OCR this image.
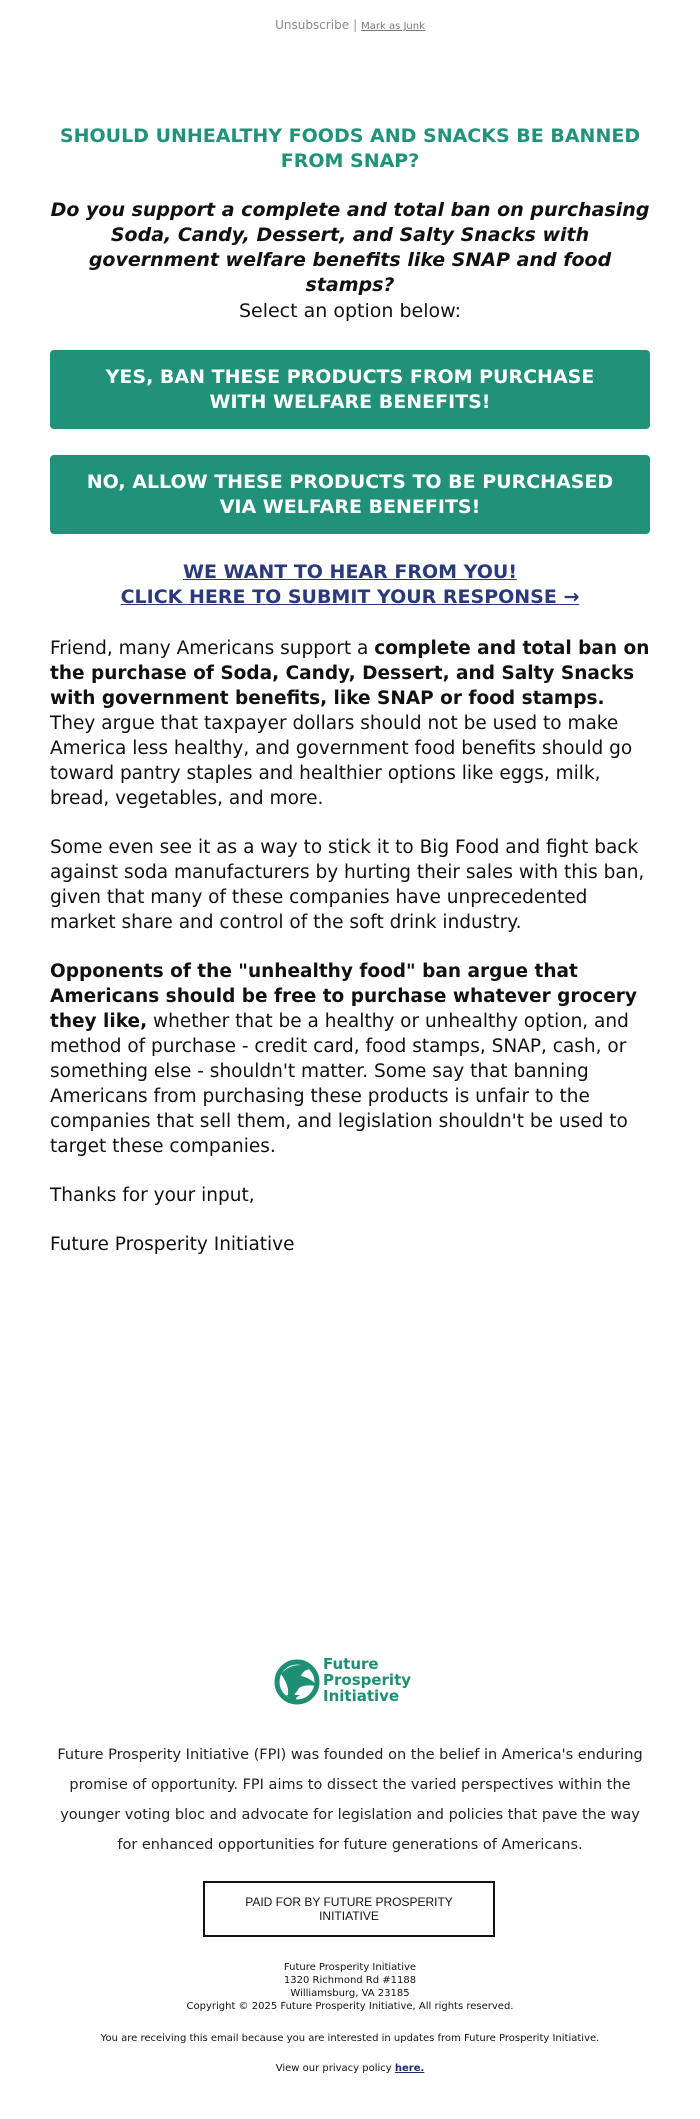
Unsubscribe | Mark as Junk
SHOULD UNHEALTHY FOODS AND SNACKS BE BANNED FROM SNAP?
Do you support a complete and total ban on purchasing Soda, Candy, Dessert, and Salty Snacks with government welfare benefits like SNAP and food stamps?
Select an option below:
YES, BAN THESE PRODUCTS FROM PURCHASE WITH WELFARE BENEFITS!
NO, ALLOW THESE PRODUCTS TO BE PURCHASED VIA WELFARE BENEFITS!
WE WANT TO HEAR FROM YOU!
CLICK HERE TO SUBMIT YOUR RESPONSE →

Friend, many Americans support a complete and total ban on the purchase of Soda, Candy, Dessert, and Salty Snacks with government benefits, like SNAP or food stamps. They argue that taxpayer dollars should not be used to make America less healthy, and government food benefits should go toward pantry staples and healthier options like eggs, milk, bread, vegetables, and more.

Some even see it as a way to stick it to Big Food and fight back against soda manufacturers by hurting their sales with this ban, given that many of these companies have unprecedented market share and control of the soft drink industry.

Opponents of the "unhealthy food" ban argue that Americans should be free to purchase whatever grocery they like, whether that be a healthy or unhealthy option, and method of purchase - credit card, food stamps, SNAP, cash, or something else - shouldn't matter. Some say that banning Americans from purchasing these products is unfair to the companies that sell them, and legislation shouldn't be used to target these companies.

Thanks for your input,

Future Prosperity Initiative

Future
Prosperity
Initiative
Future Prosperity Initiative (FPI) was founded on the belief in America's enduring promise of opportunity. FPI aims to dissect the varied perspectives within the younger voting bloc and advocate for legislation and policies that pave the way for enhanced opportunities for future generations of Americans.
PAID FOR BY FUTURE PROSPERITY INITIATIVE
Future Prosperity Initiative
1320 Richmond Rd #1188
Williamsburg, VA 23185
Copyright © 2025 Future Prosperity Initiative, All rights reserved.
You are receiving this email because you are interested in updates from Future Prosperity Initiative.
View our privacy policy here.
